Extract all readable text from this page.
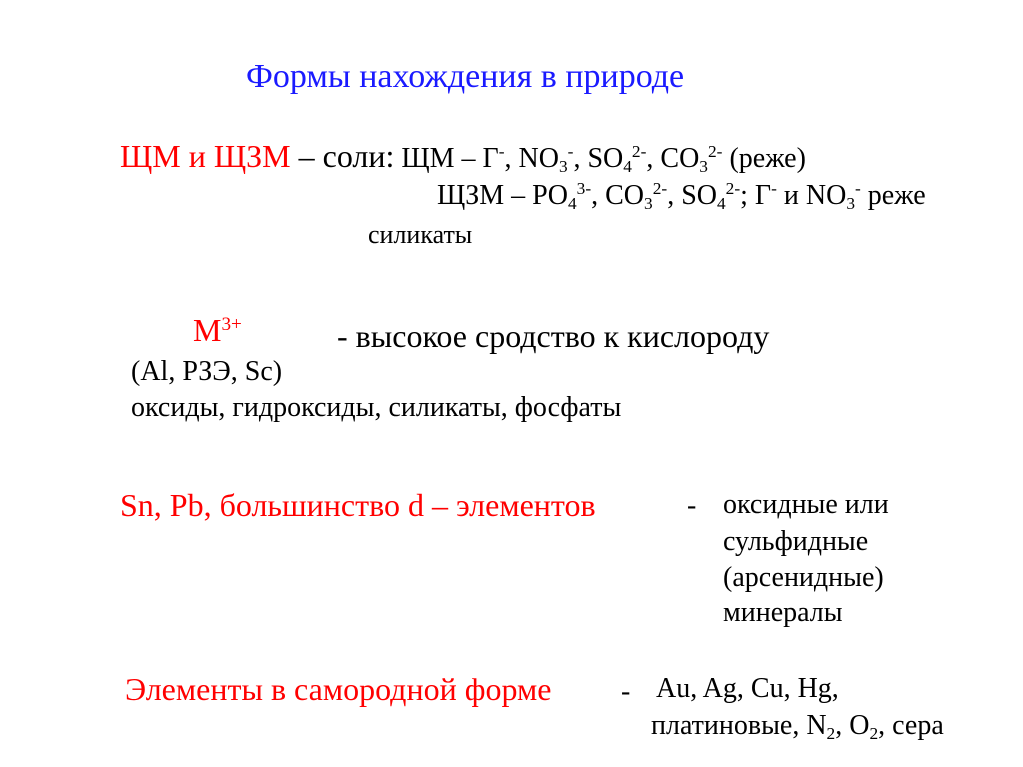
Формы нахождения в природе
ЩМ и ЩЗМ – соли: ЩМ – Г-, $NO_3^-$, $SO_4^{2-}$, $CO_3^{2-}$ (реже)
ЩЗМ – $PO_4^{3-}$, $CO_3^{2-}$, $SO_4^{2-}$; Г- и $NO_3^-$ реже
силикаты
$M^{3+}$	- высокое сродство к кислороду
(Al, РЗЭ, Sc)
оксиды, гидроксиды, силикаты, фосфаты
Sn, Pb, большинство d – элементов	- оксидные или
сульфидные
(арсенидные)
минералы
Элементы в самородной форме - Au, Ag, Cu, Hg,
платиновые, $N_2$, $O_2$, сера
